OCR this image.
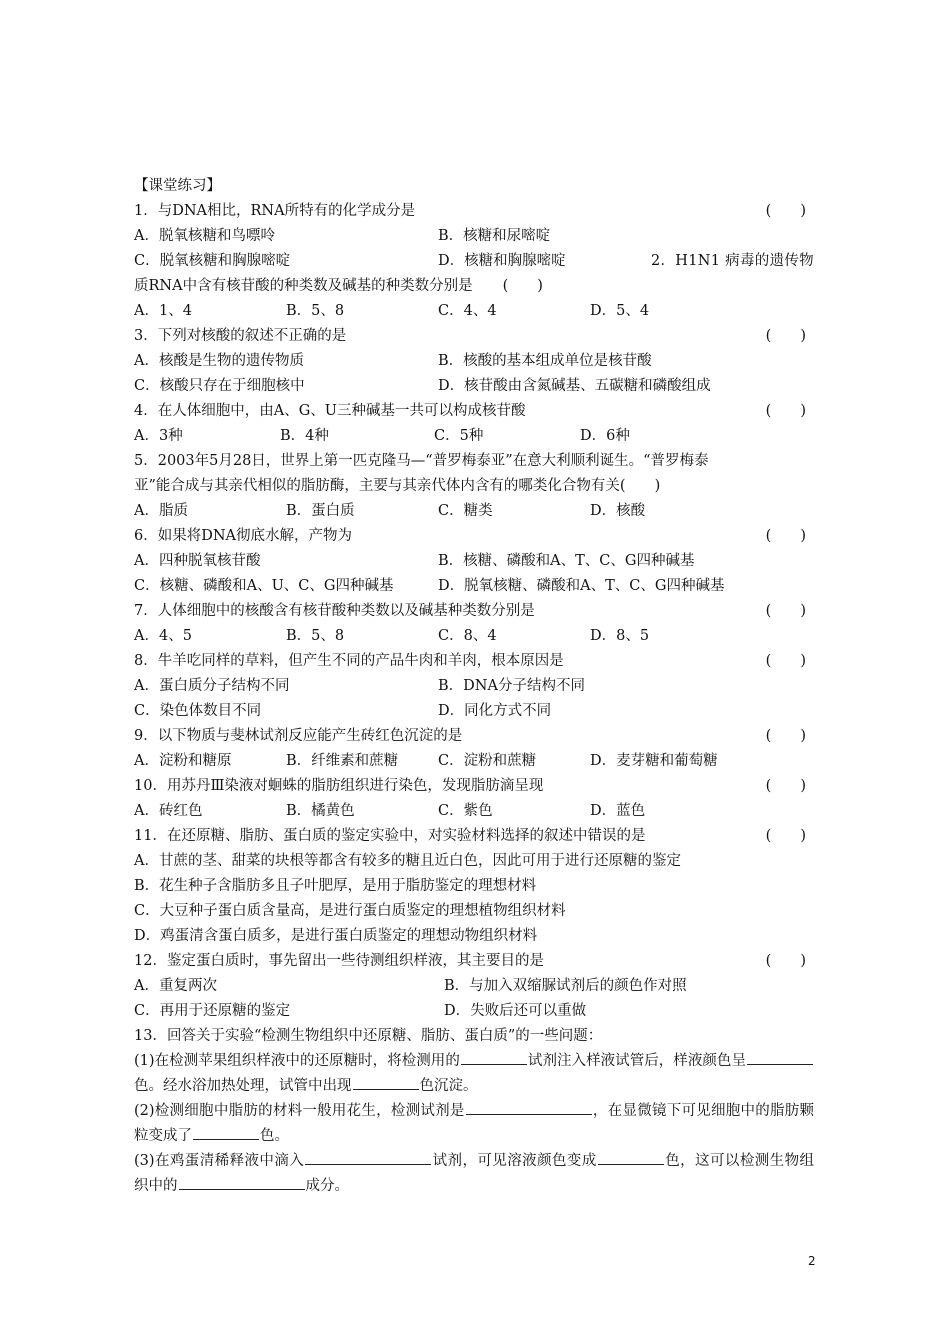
【课堂练习】
1．与DNA相比，RNA所特有的化学成分是	(　　)
A．脱氧核糖和鸟嘌呤	B．核糖和尿嘧啶
C．脱氧核糖和胸腺嘧啶	D．核糖和胸腺嘧啶	2．H1N1 病毒的遗传物
质RNA中含有核苷酸的种类数及碱基的种类数分别是 (　　)
A．1、4	B．5、8	C．4、4	D．5、4
3．下列对核酸的叙述不正确的是	(　　)
A．核酸是生物的遗传物质	B．核酸的基本组成单位是核苷酸
C．核酸只存在于细胞核中	D．核苷酸由含氮碱基、五碳糖和磷酸组成
4．在人体细胞中，由A、G、U三种碱基一共可以构成核苷酸	(　　)
A．3种	B．4种	C．5种	D．6种
5．2003年5月28日，世界上第一匹克隆马—“普罗梅泰亚”在意大利顺利诞生。“普罗梅泰
亚”能合成与其亲代相似的脂肪酶，主要与其亲代体内含有的哪类化合物有关(　　)
A．脂质	B．蛋白质	C．糖类	D．核酸
6．如果将DNA彻底水解，产物为	(　　)
A．四种脱氧核苷酸	B．核糖、磷酸和A、T、C、G四种碱基
C．核糖、磷酸和A、U、C、G四种碱基	D．脱氧核糖、磷酸和A、T、C、G四种碱基
7．人体细胞中的核酸含有核苷酸种类数以及碱基种类数分别是	(　　)
A．4、5	B．5、8	C．8、4	D．8、5
8．牛羊吃同样的草料，但产生不同的产品牛肉和羊肉，根本原因是	(　　)
A．蛋白质分子结构不同	B．DNA分子结构不同
C．染色体数目不同	D．同化方式不同
9．以下物质与斐林试剂反应能产生砖红色沉淀的是	(　　)
A．淀粉和糖原	B．纤维素和蔗糖	C．淀粉和蔗糖	D．麦芽糖和葡萄糖
10．用苏丹Ⅲ染液对蛔蛛的脂肪组织进行染色，发现脂肪滴呈现	(　　)
A．砖红色	B．橘黄色	C．紫色	D．蓝色
11．在还原糖、脂肪、蛋白质的鉴定实验中，对实验材料选择的叙述中错误的是	(　　)
A．甘蔗的茎、甜菜的块根等都含有较多的糖且近白色，因此可用于进行还原糖的鉴定
B．花生种子含脂肪多且子叶肥厚，是用于脂肪鉴定的理想材料
C．大豆种子蛋白质含量高，是进行蛋白质鉴定的理想植物组织材料
D．鸡蛋清含蛋白质多，是进行蛋白质鉴定的理想动物组织材料
12．鉴定蛋白质时，事先留出一些待测组织样液，其主要目的是	(　　)
A．重复两次	B．与加入双缩脲试剂后的颜色作对照
C．再用于还原糖的鉴定	D．失败后还可以重做
13．回答关于实验“检测生物组织中还原糖、脂肪、蛋白质”的一些问题：
(1)在检测苹果组织样液中的还原糖时，将检测用的	试剂注入样液试管后，样液颜色呈色。经水浴加热处理，试管中出现	色沉淀。
(2)检测细胞中脂肪的材料一般用花生，检测试剂是	，在显微镜下可见细胞中的脂肪颗粒变成了	色。
(3)在鸡蛋清稀释液中滴入	试剂，可见溶液颜色变成	色，这可以检测生物组织中的	成分。
2
